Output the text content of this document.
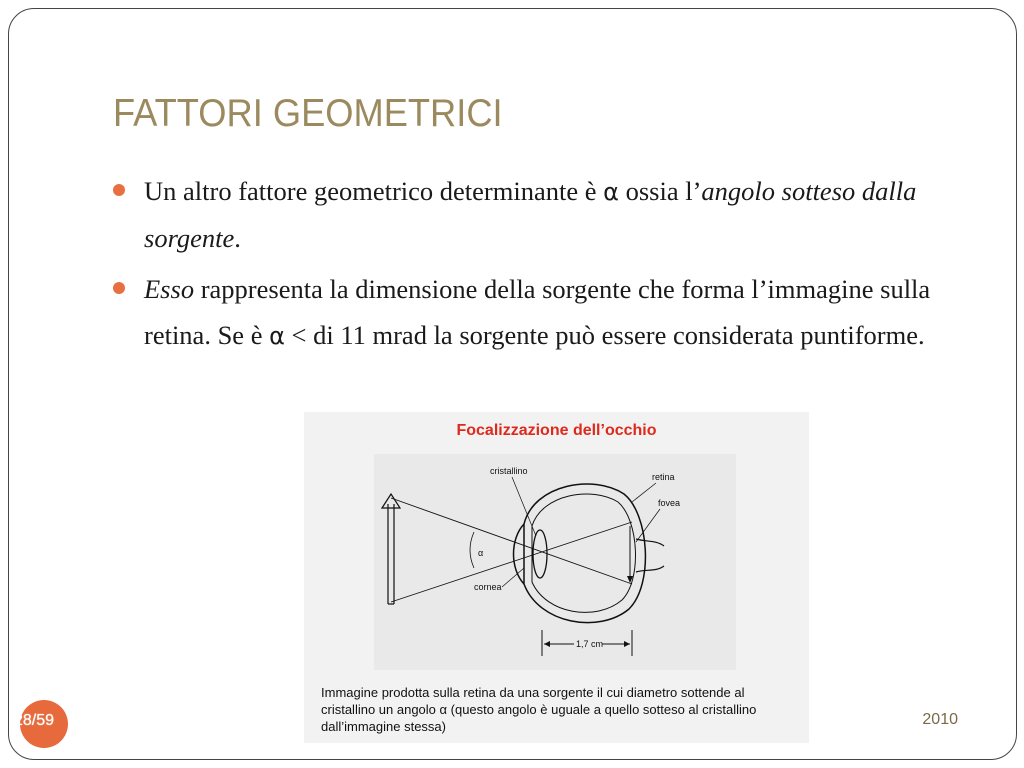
FATTORI GEOMETRICI
Un altro fattore geometrico determinante è α ossia l’angolo sotteso dalla sorgente.
Esso rappresenta la dimensione della sorgente che forma l’immagine sulla retina. Se è α < di 11 mrad la sorgente può essere considerata puntiforme.
Focalizzazione dell’occhio
α
cristallino
retina
fovea
cornea
1,7 cm
Immagine prodotta sulla retina da una sorgente il cui diametro sottende al cristallino un angolo α (questo angolo è uguale a quello sotteso al cristallino dall’immagine stessa)
28/59	2010
